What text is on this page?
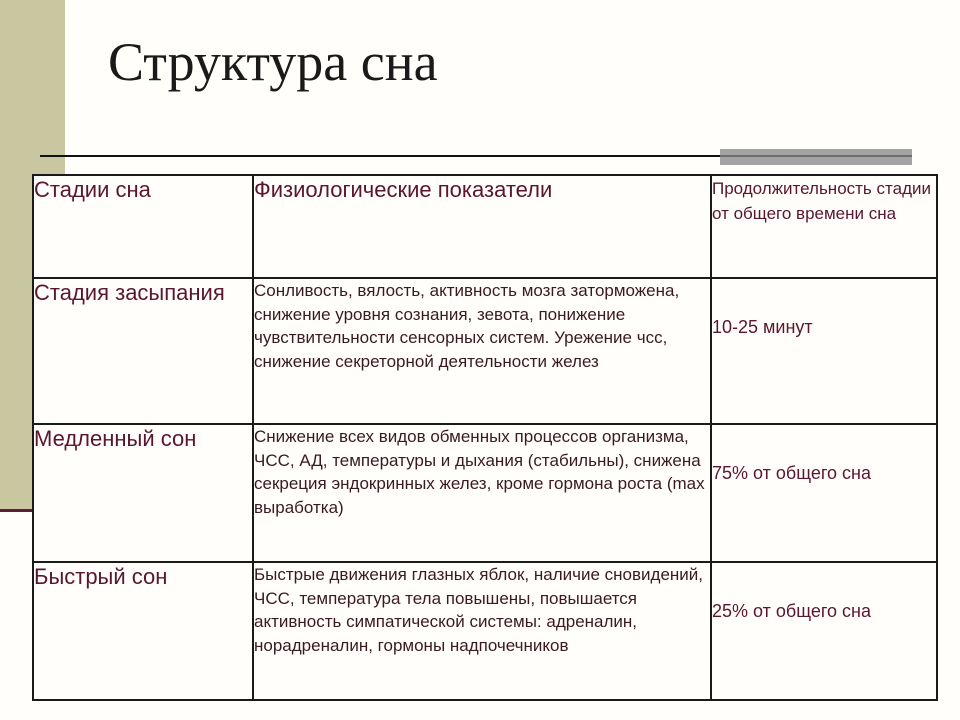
Структура сна
Стадии сна	Физиологические показатели	Продолжительность стадии от общего времени сна
Стадия засыпания	Сонливость, вялость, активность мозга заторможена, снижение уровня сознания, зевота, понижение чувствительности сенсорных систем. Урежение чсс, снижение секреторной деятельности желез	10-25 минут
Медленный сон	Снижение всех видов обменных процессов организма, ЧСС, АД, температуры и дыхания (стабильны), снижена секреция эндокринных желез, кроме гормона роста (max выработка)	75% от общего сна
Быстрый сон	Быстрые движения глазных яблок, наличие сновидений, ЧСС, температура тела повышены, повышается активность симпатической системы: адреналин, норадреналин, гормоны надпочечников	25% от общего сна
